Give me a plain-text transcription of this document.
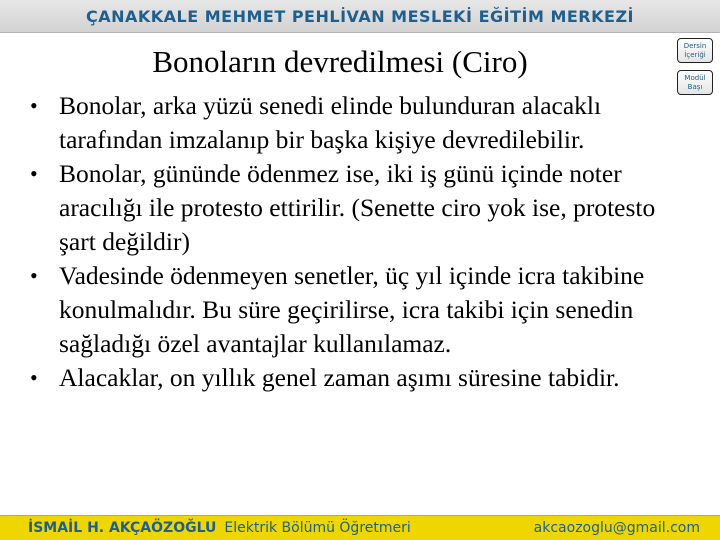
ÇANAKKALE MEHMET PEHLİVAN MESLEKİ EĞİTİM MERKEZİ
Bonoların devredilmesi (Ciro)	Dersin
İçeriği
Modül
Başı
• Bonolar, arka yüzü senedi elinde bulunduran alacaklı tarafından imzalanıp bir başka kişiye devredilebilir.
• Bonolar, gününde ödenmez ise, iki iş günü içinde noter aracılığı ile protesto ettirilir. (Senette ciro yok ise, protesto şart değildir)
• Vadesinde ödenmeyen senetler, üç yıl içinde icra takibine konulmalıdır. Bu süre geçirilirse, icra takibi için senedin sağladığı özel avantajlar kullanılamaz.
• Alacaklar, on yıllık genel zaman aşımı süresine tabidir.
İSMAİL H. AKÇAÖZOĞLU Elektrik Bölümü Öğretmeri	akcaozoglu@gmail.com
